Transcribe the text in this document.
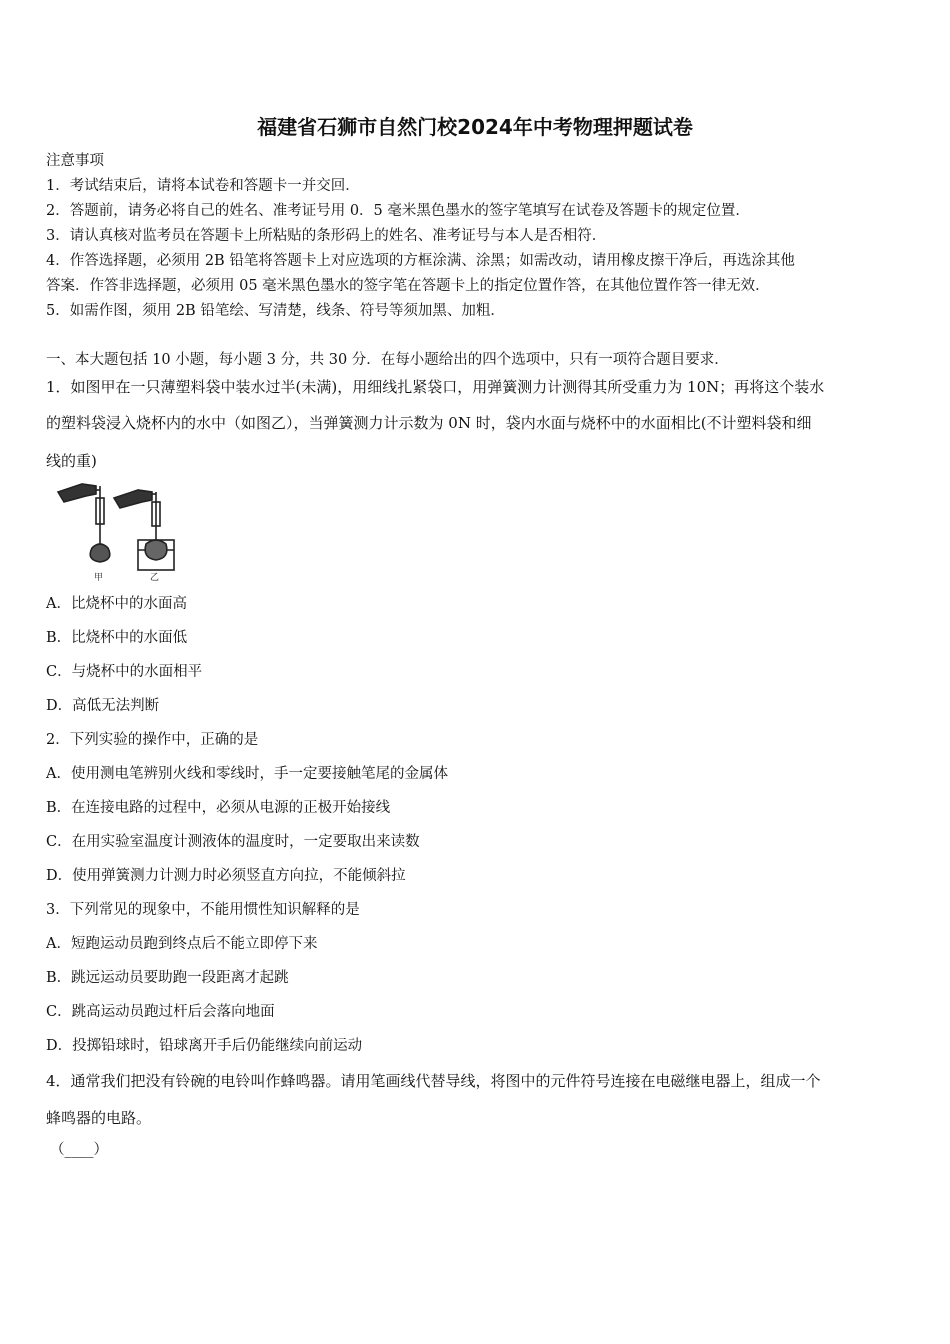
福建省石狮市自然门校2024年中考物理押题试卷
注意事项
1．考试结束后，请将本试卷和答题卡一并交回．
2．答题前，请务必将自己的姓名、准考证号用 0．5 毫米黑色墨水的签字笔填写在试卷及答题卡的规定位置．
3．请认真核对监考员在答题卡上所粘贴的条形码上的姓名、准考证号与本人是否相符．
4．作答选择题，必须用 2B 铅笔将答题卡上对应选项的方框涂满、涂黑；如需改动，请用橡皮擦干净后，再选涂其他
答案．作答非选择题，必须用 05 毫米黑色墨水的签字笔在答题卡上的指定位置作答，在其他位置作答一律无效．
5．如需作图，须用 2B 铅笔绘、写清楚，线条、符号等须加黑、加粗．
一、本大题包括 10 小题，每小题 3 分，共 30 分．在每小题给出的四个选项中，只有一项符合题目要求．
1．如图甲在一只薄塑料袋中装水过半(未满)，用细线扎紧袋口，用弹簧测力计测得其所受重力为 10N；再将这个装水
的塑料袋浸入烧杯内的水中（如图乙），当弹簧测力计示数为 0N 时，袋内水面与烧杯中的水面相比(不计塑料袋和细
线的重)
甲	乙
A．比烧杯中的水面高
B．比烧杯中的水面低
C．与烧杯中的水面相平
D．高低无法判断
2．下列实验的操作中，正确的是
A．使用测电笔辨别火线和零线时，手一定要接触笔尾的金属体
B．在连接电路的过程中，必须从电源的正极开始接线
C．在用实验室温度计测液体的温度时，一定要取出来读数
D．使用弹簧测力计测力时必须竖直方向拉，不能倾斜拉
3．下列常见的现象中，不能用惯性知识解释的是
A．短跑运动员跑到终点后不能立即停下来
B．跳远运动员要助跑一段距离才起跳
C．跳高运动员跑过杆后会落向地面
D．投掷铅球时，铅球离开手后仍能继续向前运动
4．通常我们把没有铃碗的电铃叫作蜂鸣器。请用笔画线代替导线，将图中的元件符号连接在电磁继电器上，组成一个
蜂鸣器的电路。
（____）
